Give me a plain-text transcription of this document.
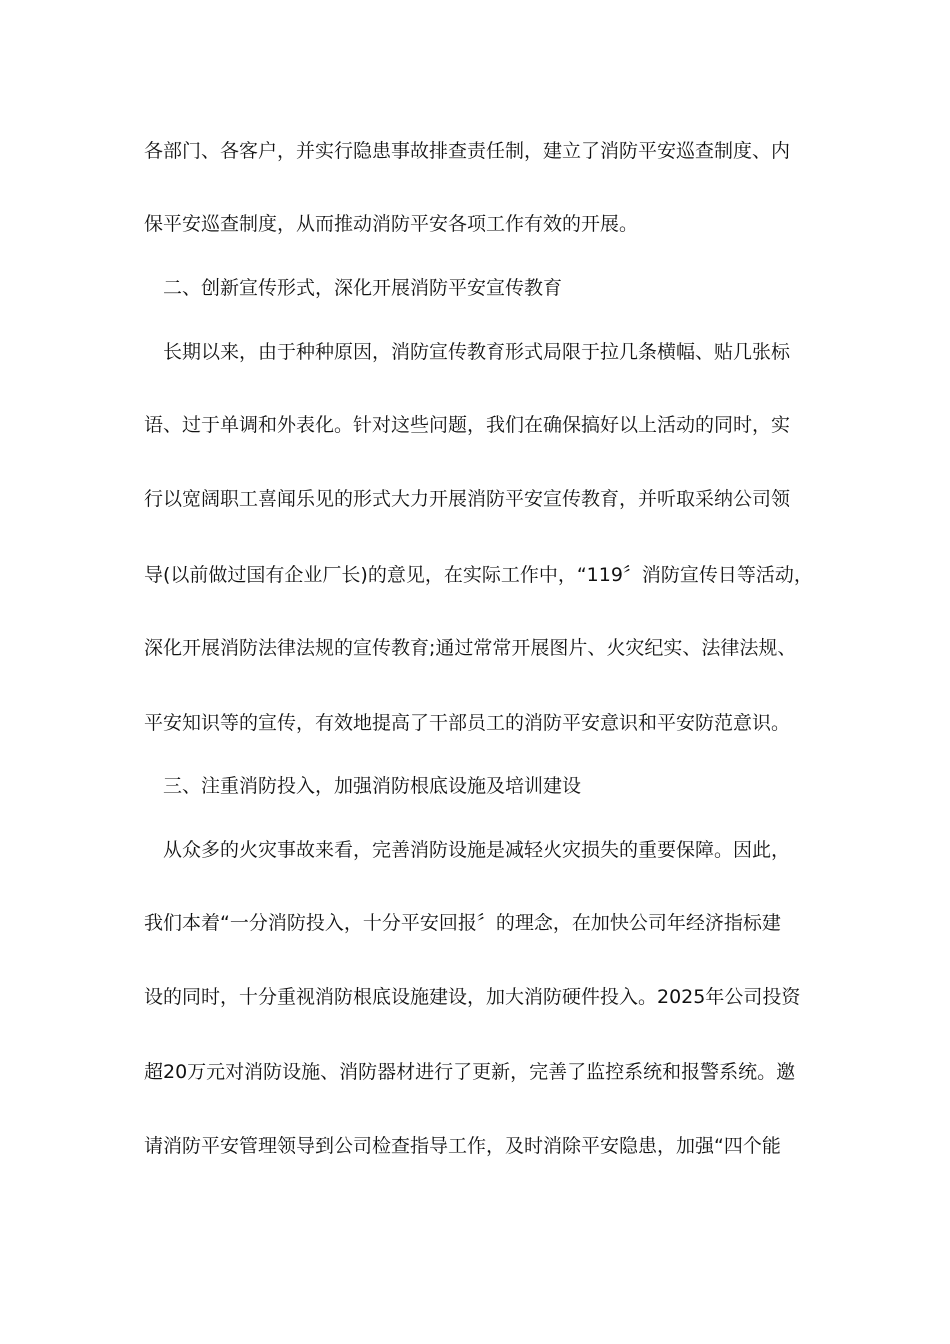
各部门、各客户，并实行隐患事故排查责任制，建立了消防平安巡查制度、内
保平安巡查制度，从而推动消防平安各项工作有效的开展。
二、创新宣传形式，深化开展消防平安宣传教育
长期以来，由于种种原因，消防宣传教育形式局限于拉几条横幅、贴几张标
语、过于单调和外表化。针对这些问题，我们在确保搞好以上活动的同时，实
行以宽阔职工喜闻乐见的形式大力开展消防平安宣传教育，并听取采纳公司领
导(以前做过国有企业厂长)的意见，在实际工作中，“119〞消防宣传日等活动，
深化开展消防法律法规的宣传教育;通过常常开展图片、火灾纪实、法律法规、
平安知识等的宣传，有效地提高了干部员工的消防平安意识和平安防范意识。
三、注重消防投入，加强消防根底设施及培训建设
从众多的火灾事故来看，完善消防设施是减轻火灾损失的重要保障。因此，
我们本着“一分消防投入，十分平安回报〞的理念，在加快公司年经济指标建
设的同时，十分重视消防根底设施建设，加大消防硬件投入。2025年公司投资
超20万元对消防设施、消防器材进行了更新，完善了监控系统和报警系统。邀
请消防平安管理领导到公司检查指导工作，及时消除平安隐患，加强“四个能
